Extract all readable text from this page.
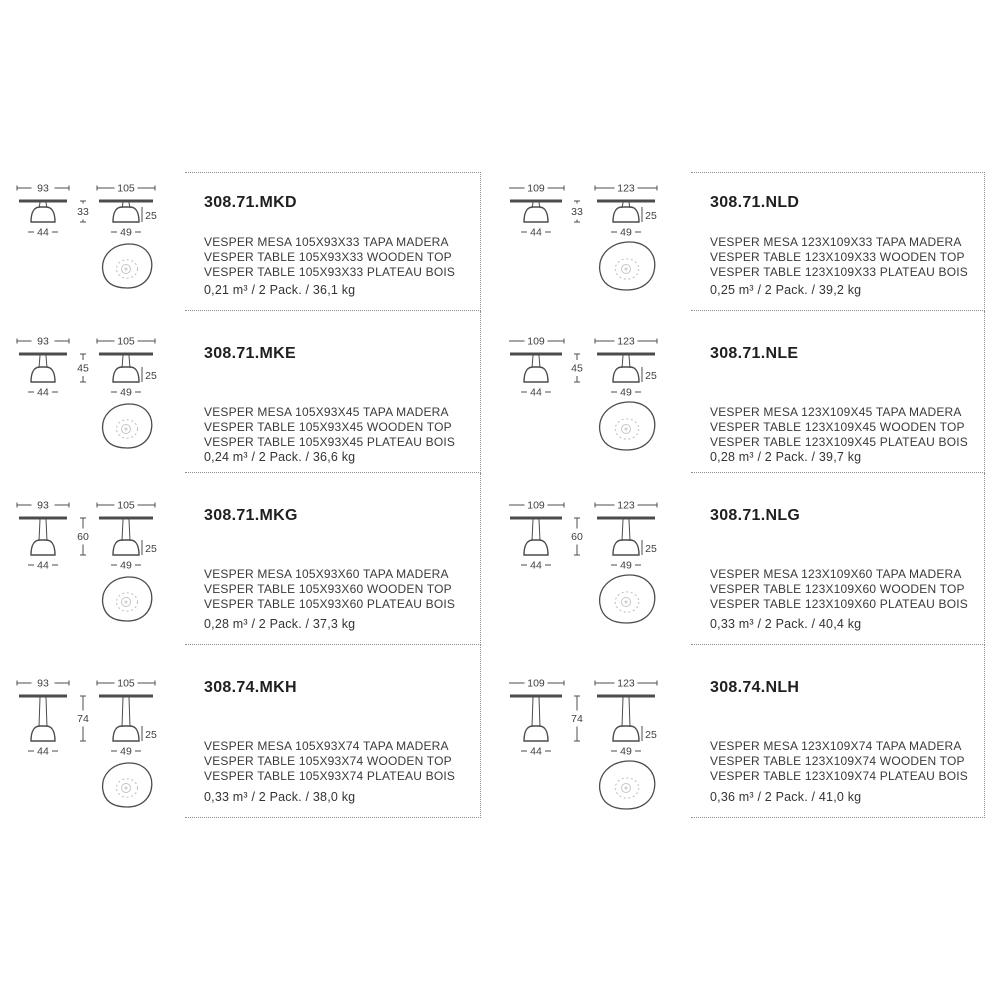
93	105
44	49
33	25
308.71.MKD
VESPER MESA 105X93X33 TAPA MADERA
VESPER TABLE 105X93X33 WOODEN TOP
VESPER TABLE 105X93X33 PLATEAU BOIS
0,21 m³ / 2 Pack. / 36,1 kg
93	105
44	49
45
25
308.71.MKE
VESPER MESA 105X93X45 TAPA MADERA
VESPER TABLE 105X93X45 WOODEN TOP
VESPER TABLE 105X93X45 PLATEAU BOIS
0,24 m³ / 2 Pack. / 36,6 kg
93	105
44	49
60
25
308.71.MKG
VESPER MESA 105X93X60 TAPA MADERA
VESPER TABLE 105X93X60 WOODEN TOP
VESPER TABLE 105X93X60 PLATEAU BOIS
0,28 m³ / 2 Pack. / 37,3 kg
93	105
44	49
74
25
308.74.MKH
VESPER MESA 105X93X74 TAPA MADERA
VESPER TABLE 105X93X74 WOODEN TOP
VESPER TABLE 105X93X74 PLATEAU BOIS
0,33 m³ / 2 Pack. / 38,0 kg
109	123
44	49
33	25
308.71.NLD
VESPER MESA 123X109X33 TAPA MADERA
VESPER TABLE 123X109X33 WOODEN TOP
VESPER TABLE 123X109X33 PLATEAU BOIS
0,25 m³ / 2 Pack. / 39,2 kg
109	123
44	49
45
25
308.71.NLE
VESPER MESA 123X109X45 TAPA MADERA
VESPER TABLE 123X109X45 WOODEN TOP
VESPER TABLE 123X109X45 PLATEAU BOIS
0,28 m³ / 2 Pack. / 39,7 kg
109	123
44	49
60
25
308.71.NLG
VESPER MESA 123X109X60 TAPA MADERA
VESPER TABLE 123X109X60 WOODEN TOP
VESPER TABLE 123X109X60 PLATEAU BOIS
0,33 m³ / 2 Pack. / 40,4 kg
109	123
44	49
74
25
308.74.NLH
VESPER MESA 123X109X74 TAPA MADERA
VESPER TABLE 123X109X74 WOODEN TOP
VESPER TABLE 123X109X74 PLATEAU BOIS
0,36 m³ / 2 Pack. / 41,0 kg
